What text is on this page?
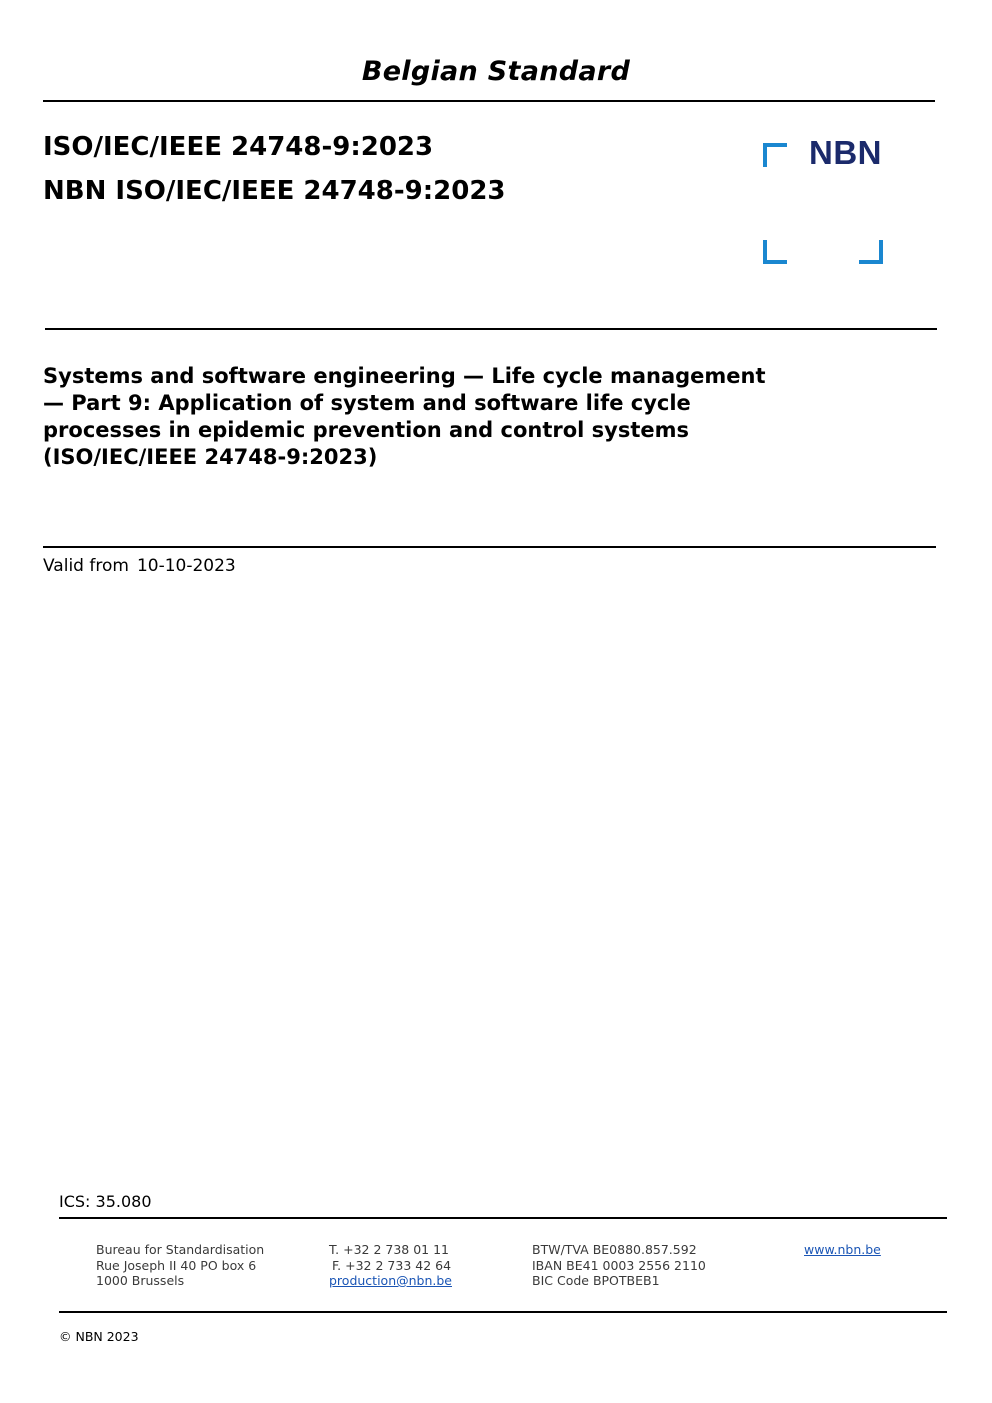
Belgian Standard
ISO/IEC/IEEE 24748-9:2023
NBN ISO/IEC/IEEE 24748-9:2023
NBN
Systems and software engineering — Life cycle management
— Part 9: Application of system and software life cycle
processes in epidemic prevention and control systems
(ISO/IEC/IEEE 24748-9:2023)
Valid from 10-10-2023
ICS: 35.080
Bureau for Standardisation
Rue Joseph II 40 PO box 6
1000 Brussels
T. +32 2 738 01 11
F. +32 2 733 42 64
production@nbn.be
BTW/TVA BE0880.857.592
IBAN BE41 0003 2556 2110
BIC Code BPOTBEB1
www.nbn.be
© NBN 2023
